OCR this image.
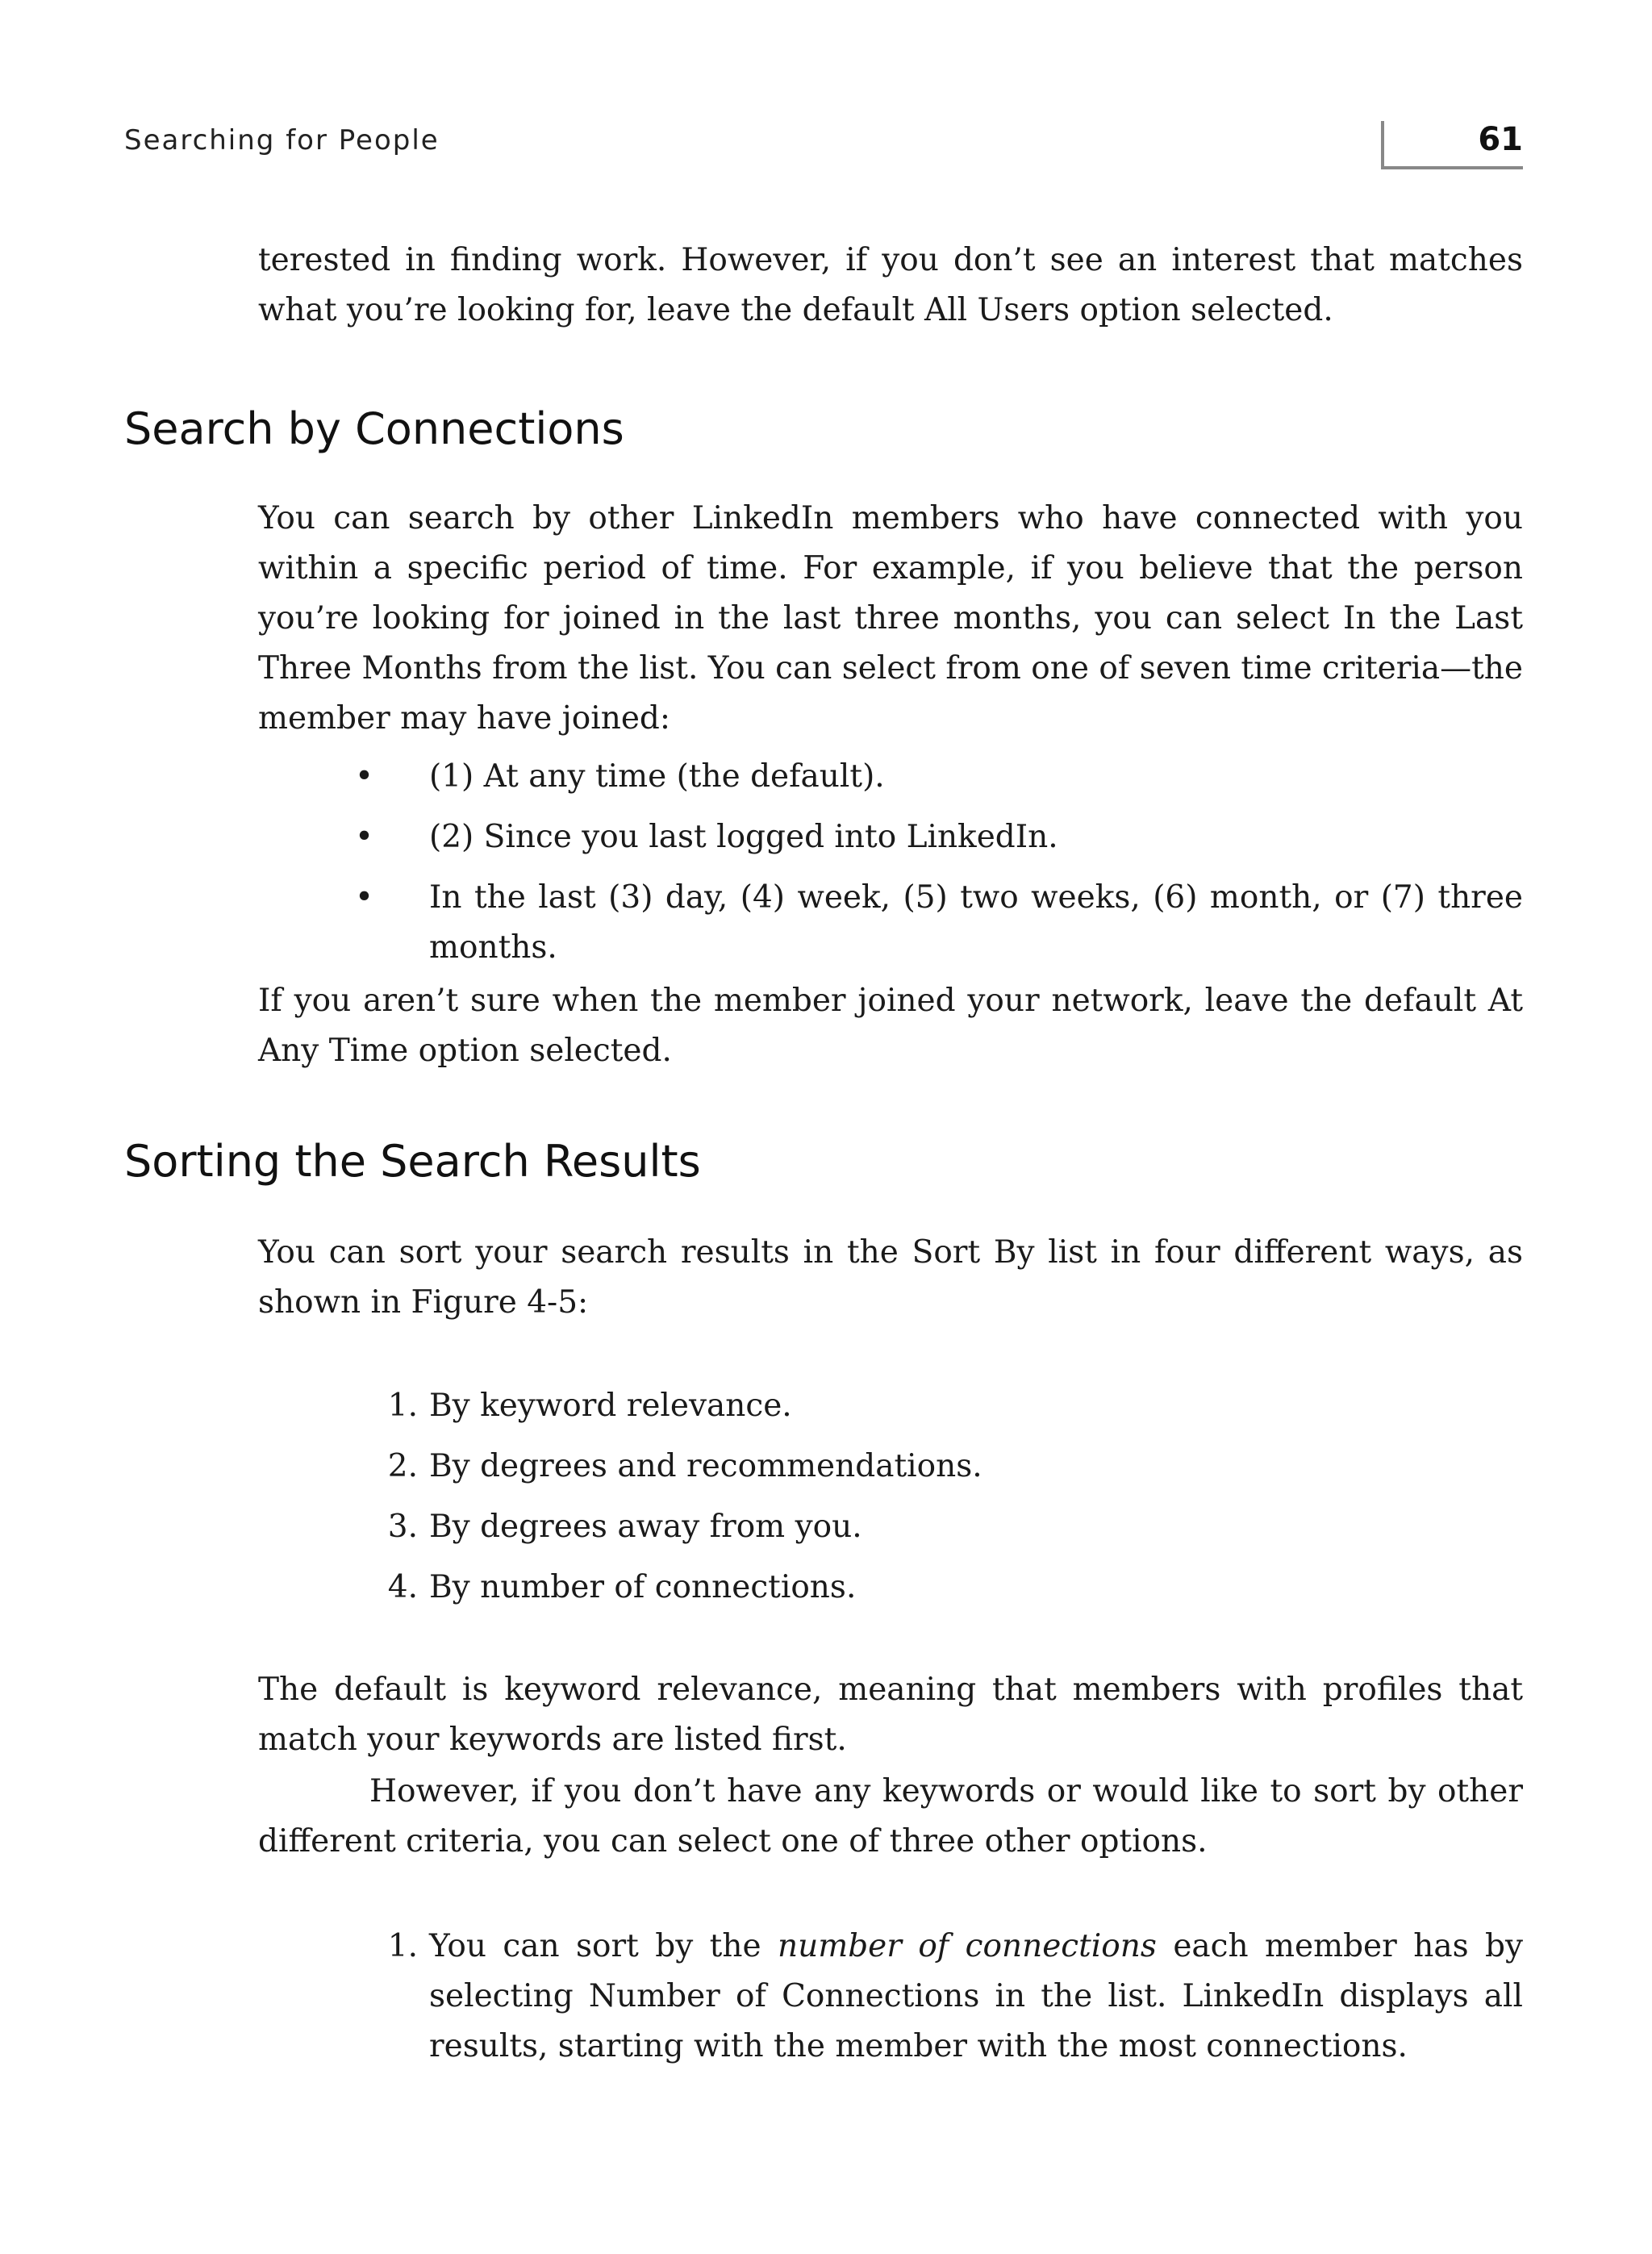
Searching for People	61

terested in finding work. However, if you don’t see an interest that matches what you’re looking for, leave the default All Users option selected.

Search by Connections

You can search by other LinkedIn members who have connected with you within a specific period of time. For example, if you believe that the person you’re looking for joined in the last three months, you can select In the Last Three Months from the list. You can select from one of seven time criteria—the member may have joined:

• (1) At any time (the default).
• (2) Since you last logged into LinkedIn.
• In the last (3) day, (4) week, (5) two weeks, (6) month, or (7) three months.

If you aren’t sure when the member joined your network, leave the default At Any Time option selected.

Sorting the Search Results

You can sort your search results in the Sort By list in four different ways, as shown in Figure 4-5:

1. By keyword relevance.
2. By degrees and recommendations.
3. By degrees away from you.
4. By number of connections.

The default is keyword relevance, meaning that members with profiles that match your keywords are listed first.

However, if you don’t have any keywords or would like to sort by other different criteria, you can select one of three other options.

1. You can sort by the number of connections each member has by selecting Number of Connections in the list. LinkedIn displays all results, starting with the member with the most connections.
